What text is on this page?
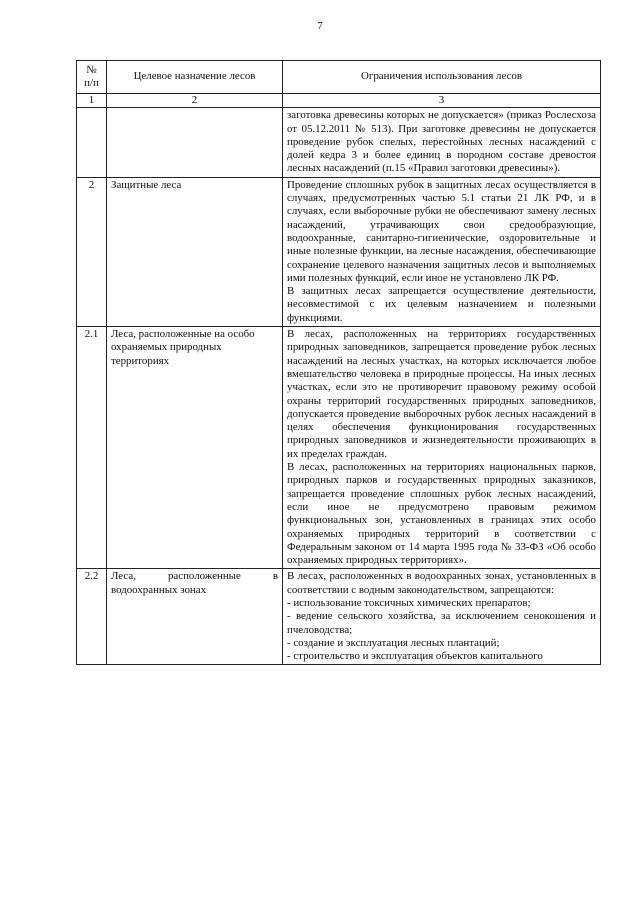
7
№
п/п	Целевое назначение лесов	Ограничения использования лесов
1	2	3

		заготовка древесины которых не допускается» (приказ Рослесхоза от 05.12.2011 № 513). При заготовке древесины не допускается проведение рубок спелых, перестойных лесных насаждений с долей кедра 3 и более единиц в породном составе древостоя лесных насаждений (п.15 «Правил заготовки древесины»).

2	Защитные леса	Проведение сплошных рубок в защитных лесах осуществляется в случаях, предусмотренных частью 5.1 статьи 21 ЛК РФ, и в случаях, если выборочные рубки не обеспечивают замену лесных насаждений, утрачивающих свои средообразующие, водоохранные, санитарно-гигиенические, оздоровительные и иные полезные функции, на лесные насаждения, обеспечивающие сохранение целевого назначения защитных лесов и выполняемых ими полезных функций, если иное не установлено ЛК РФ.

В защитных лесах запрещается осуществление деятельности, несовместимой с их целевым назначением и полезными функциями.

2.1	Леса, расположенные на особо охраняемых природных территориях	В лесах, расположенных на территориях государственных природных заповедников, запрещается проведение рубок лесных насаждений на лесных участках, на которых исключается любое вмешательство человека в природные процессы. На иных лесных участках, если это не противоречит правовому режиму особой охраны территорий государственных природных заповедников, допускается проведение выборочных рубок лесных насаждений в целях обеспечения функционирования государственных природных заповедников и жизнедеятельности проживающих в их пределах граждан.

В лесах, расположенных на территориях национальных парков, природных парков и государственных природных заказников, запрещается проведение сплошных рубок лесных насаждений, если иное не предусмотрено правовым режимом функциональных зон, установленных в границах этих особо охраняемых природных территорий в соответствии с Федеральным законом от 14 марта 1995 года № 33-ФЗ «Об особо охраняемых природных территориях».

2.2	Леса, расположенные в водоохранных зонах	В лесах, расположенных в водоохранных зонах, установленных в соответствии с водным законодательством, запрещаются:

- использование токсичных химических препаратов;

- ведение сельского хозяйства, за исключением сенокошения и пчеловодства;

- создание и эксплуатация лесных плантаций;

- строительство и эксплуатация объектов капитального
